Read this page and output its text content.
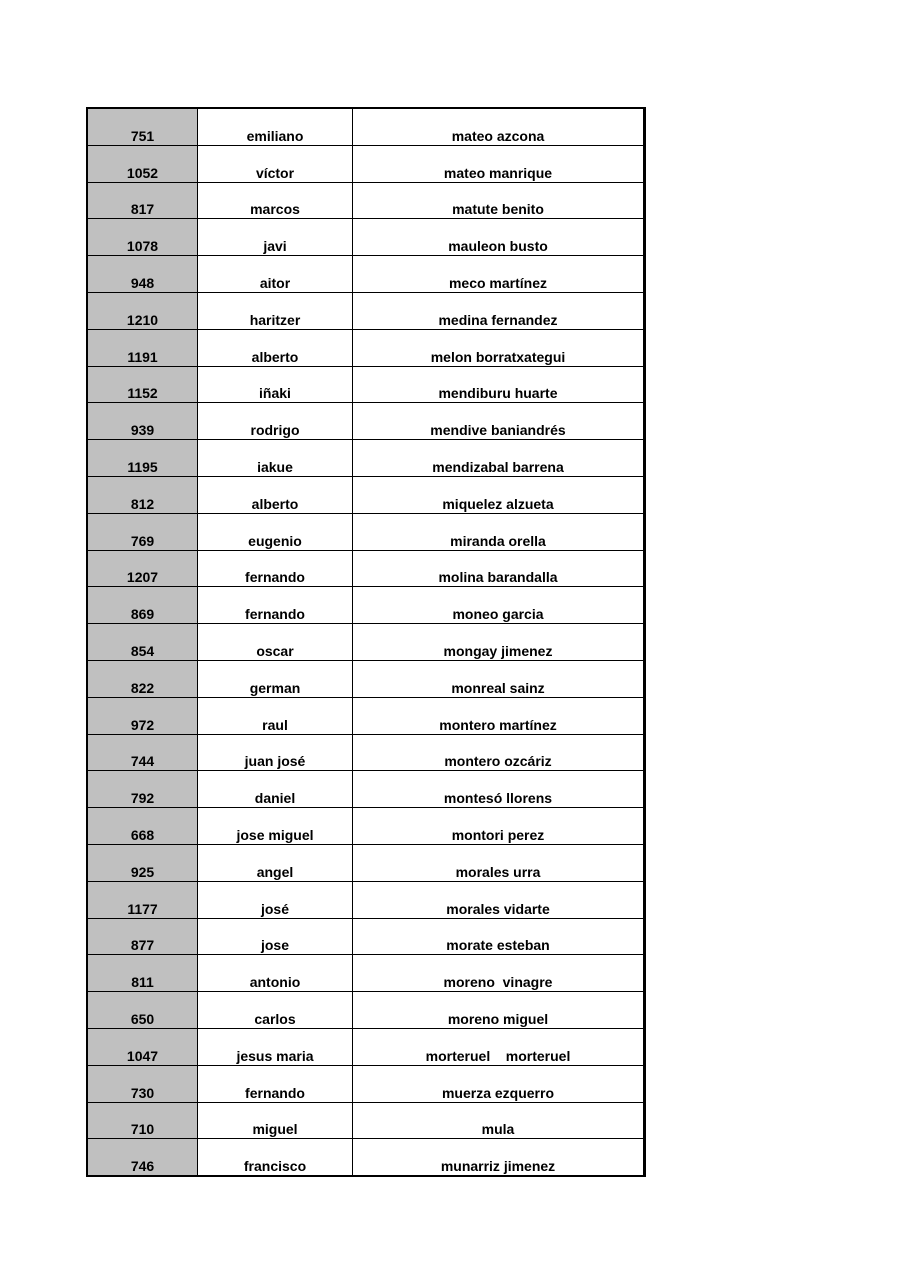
751	emiliano	mateo azcona
1052	víctor	mateo manrique
817	marcos	matute benito
1078	javi	mauleon busto
948	aitor	meco martínez
1210	haritzer	medina fernandez
1191	alberto	melon borratxategui
1152	iñaki	mendiburu huarte
939	rodrigo	mendive baniandrés
1195	iakue	mendizabal barrena
812	alberto	miquelez alzueta
769	eugenio	miranda orella
1207	fernando	molina barandalla
869	fernando	moneo garcia
854	oscar	mongay jimenez
822	german	monreal sainz
972	raul	montero martínez
744	juan josé	montero ozcáriz
792	daniel	montesó llorens
668	jose miguel	montori perez
925	angel	morales urra
1177	josé	morales vidarte
877	jose	morate esteban
811	antonio	moreno  vinagre
650	carlos	moreno miguel
1047	jesus maria	morteruel    morteruel
730	fernando	muerza ezquerro
710	miguel	mula
746	francisco	munarriz jimenez
